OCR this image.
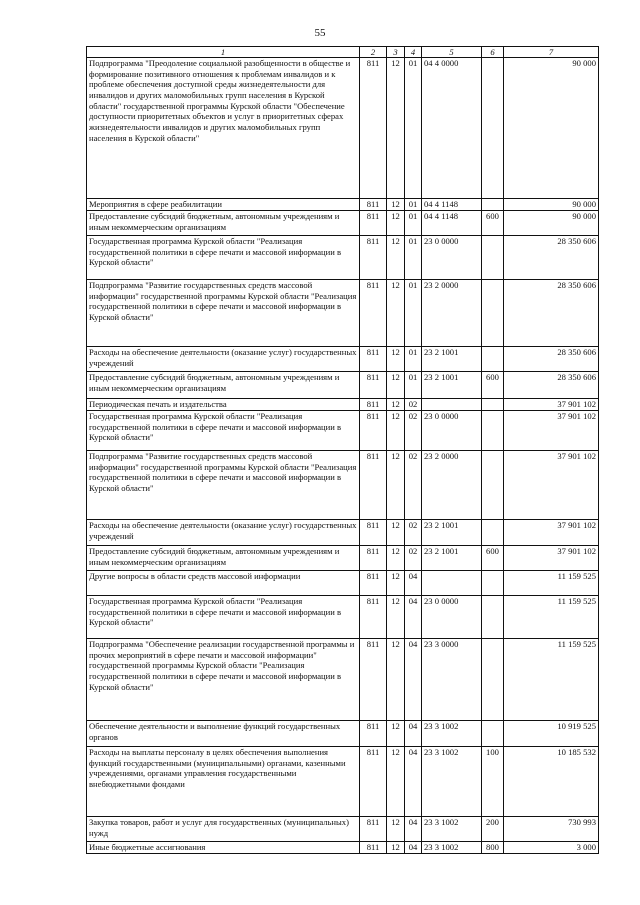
55
1	2	3	4	5	6	7
Подпрограмма "Преодоление социальной разобщенности в обществе и формирование позитивного отношения к проблемам инвалидов и к проблеме обеспечения доступной среды жизнедеятельности для инвалидов и других маломобильных групп населения в Курской области" государственной программы Курской области "Обеспечение доступности приоритетных объектов и услуг в приоритетных сферах жизнедеятельности инвалидов и других маломобильных групп населения в Курской области"	811	12	01	04 4 0000		90 000
Мероприятия в сфере реабилитации	811	12	01	04 4 1148		90 000
Предоставление субсидий бюджетным, автономным учреждениям и иным некоммерческим организациям	811	12	01	04 4 1148	600	90 000
Государственная программа Курской области "Реализация государственной политики в сфере печати и массовой информации в Курской области"	811	12	01	23 0 0000		28 350 606
Подпрограмма "Развитие государственных средств массовой информации" государственной программы Курской области "Реализация государственной политики в сфере печати и массовой информации в Курской области"	811	12	01	23 2 0000		28 350 606
Расходы на обеспечение деятельности (оказание услуг) государственных учреждений	811	12	01	23 2 1001		28 350 606
Предоставление субсидий бюджетным, автономным учреждениям и иным некоммерческим организациям	811	12	01	23 2 1001	600	28 350 606
Периодическая печать и издательства	811	12	02			37 901 102
Государственная программа Курской области "Реализация государственной политики в сфере печати и массовой информации в Курской области"	811	12	02	23 0 0000		37 901 102
Подпрограмма "Развитие государственных средств массовой информации" государственной программы Курской области "Реализация государственной политики в сфере печати и массовой информации в Курской области"	811	12	02	23 2 0000		37 901 102
Расходы на обеспечение деятельности (оказание услуг) государственных учреждений	811	12	02	23 2 1001		37 901 102
Предоставление субсидий бюджетным, автономным учреждениям и иным некоммерческим организациям	811	12	02	23 2 1001	600	37 901 102
Другие вопросы в области средств массовой информации	811	12	04			11 159 525
Государственная программа Курской области "Реализация государственной политики в сфере печати и массовой информации в Курской области"	811	12	04	23 0 0000		11 159 525
Подпрограмма "Обеспечение реализации государственной программы и прочих мероприятий в сфере печати и массовой информации" государственной программы Курской области "Реализация государственной политики в сфере печати и массовой информации в Курской области"	811	12	04	23 3 0000		11 159 525
Обеспечение деятельности и выполнение функций государственных органов	811	12	04	23 3 1002		10 919 525
Расходы на выплаты персоналу в целях обеспечения выполнения функций государственными (муниципальными) органами, казенными учреждениями, органами управления государственными внебюджетными фондами	811	12	04	23 3 1002	100	10 185 532
Закупка товаров, работ и услуг для государственных (муниципальных) нужд	811	12	04	23 3 1002	200	730 993
Иные бюджетные ассигнования	811	12	04	23 3 1002	800	3 000
